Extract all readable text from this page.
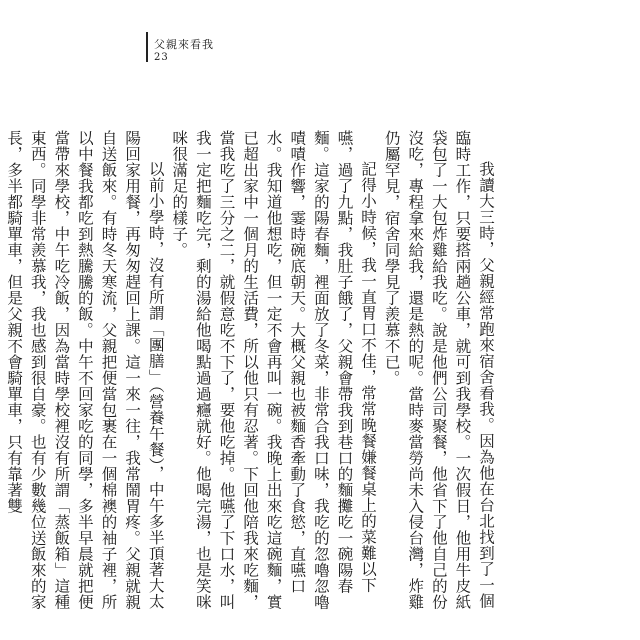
父親來看我
23

我讀大三時，父親經常跑來宿舍看我。因為他在台北找到了一個臨時工作，只要搭兩趟公車，就可到我學校。一次假日，他用牛皮紙袋包了一大包炸雞給我吃。說是他們公司聚餐，他省下了他自己的份沒吃，專程拿來給我，還是熱的呢。當時麥當勞尚未入侵台灣，炸雞仍屬罕見，宿舍同學見了羨慕不已。

記得小時候，我一直胃口不佳，常常晚餐嫌餐桌上的菜難以下嚥，過了九點，我肚子餓了，父親會帶我到巷口的麵攤吃一碗陽春麵。這家的陽春麵，裡面放了冬菜，非常合我口味，我吃的忽嚕忽嚕嘖嘖作響，霎時碗底朝天。大概父親也被麵香牽動了食慾，直嚥口水。我知道他想吃，但一定不會再叫一碗。我晚上出來吃這碗麵，實已超出家中一個月的生活費，所以他只有忍著。下回他陪我來吃麵，當我吃了三分之二，就假意吃不下了，要他吃掉。他嚥了下口水，叫我一定把麵吃完，剩的湯給他喝點過過癮就好。他喝完湯，也是笑咪咪很滿足的樣子。

以前小學時，沒有所謂「團膳」（營養午餐），中午多半頂著大太陽回家用餐，再匆匆趕回上課。這一來一往，我常鬧胃疼。父親就親自送飯來。有時冬天寒流，父親把便當包裹在一個棉襖的袖子裡，所以中餐我都吃到熱騰騰的飯。中午不回家吃的同學，多半早晨就把便當帶來學校，中午吃冷飯，因為當時學校裡沒有所謂「蒸飯箱」這種東西。同學非常羨慕我，我也感到很自豪。也有少數幾位送飯來的家長，多半都騎單車，但是父親不會騎單車，只有靠著雙
